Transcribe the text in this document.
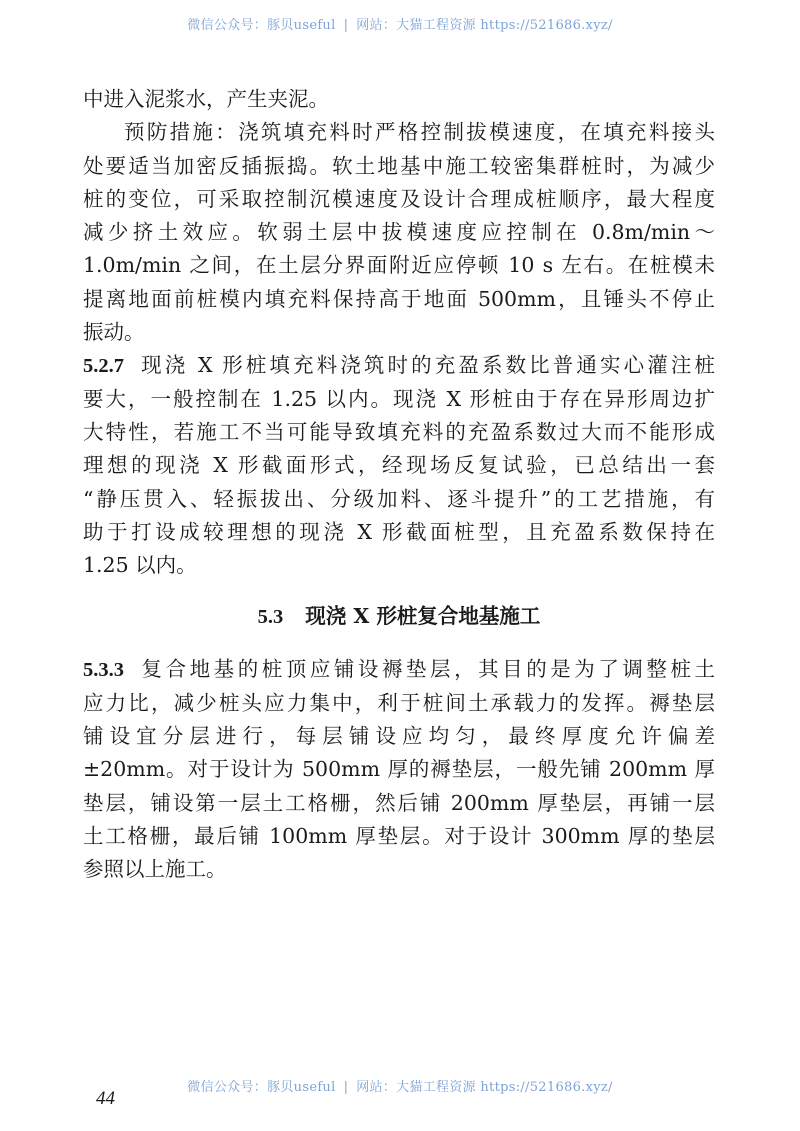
微信公众号：豚贝useful | 网站：大猫工程资源 https://521686.xyz/
中进入泥浆水，产生夹泥。
预防措施：浇筑填充料时严格控制拔模速度，在填充料接头
处要适当加密反插振捣。软土地基中施工较密集群桩时，为减少
桩的变位，可采取控制沉模速度及设计合理成桩顺序，最大程度
减少挤土效应。软弱土层中拔模速度应控制在 0.8m/min～
1.0m/min 之间，在土层分界面附近应停顿 10 s 左右。在桩模未
提离地面前桩模内填充料保持高于地面 500mm，且锤头不停止
振动。
5.2.7 现浇 X 形桩填充料浇筑时的充盈系数比普通实心灌注桩
要大，一般控制在 1.25 以内。现浇 X 形桩由于存在异形周边扩
大特性，若施工不当可能导致填充料的充盈系数过大而不能形成
理想的现浇 X 形截面形式，经现场反复试验，已总结出一套
“静压贯入、轻振拔出、分级加料、逐斗提升”的工艺措施，有
助于打设成较理想的现浇 X 形截面桩型，且充盈系数保持在
1.25 以内。
5.3 现浇 X 形桩复合地基施工
5.3.3 复合地基的桩顶应铺设褥垫层，其目的是为了调整桩土
应力比，减少桩头应力集中，利于桩间土承载力的发挥。褥垫层
铺设宜分层进行，每层铺设应均匀，最终厚度允许偏差
±20mm。对于设计为 500mm 厚的褥垫层，一般先铺 200mm 厚
垫层，铺设第一层土工格栅，然后铺 200mm 厚垫层，再铺一层
土工格栅，最后铺 100mm 厚垫层。对于设计 300mm 厚的垫层
参照以上施工。
44
微信公众号：豚贝useful | 网站：大猫工程资源 https://521686.xyz/
